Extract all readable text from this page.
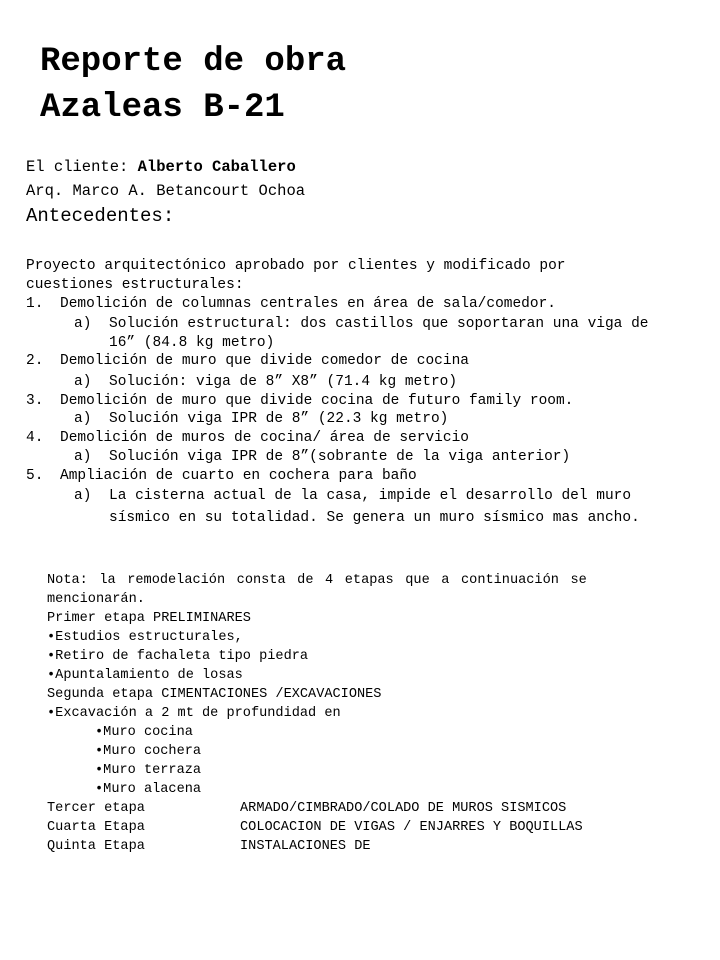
Reporte de obra
Azaleas B-21
El cliente: Alberto Caballero
Arq. Marco A. Betancourt Ochoa
Antecedentes:
Proyecto arquitectónico aprobado por clientes y modificado por
cuestiones estructurales:
1. Demolición de columnas centrales en área de sala/comedor.
a) Solución estructural: dos castillos que soportaran una viga de
16” (84.8 kg metro)
2. Demolición de muro que divide comedor de cocina
a) Solución: viga de 8” X8” (71.4 kg metro)
3. Demolición de muro que divide cocina de futuro family room.
a) Solución viga IPR de 8” (22.3 kg metro)
4. Demolición de muros de cocina/ área de servicio
a) Solución viga IPR de 8”(sobrante de la viga anterior)
5. Ampliación de cuarto en cochera para baño
a) La cisterna actual de la casa, impide el desarrollo del muro
sísmico en su totalidad. Se genera un muro sísmico mas ancho.
Nota: la remodelación consta de 4 etapas que a continuación se
mencionarán.
Primer etapa PRELIMINARES
•Estudios estructurales,
•Retiro de fachaleta tipo piedra
•Apuntalamiento de losas
Segunda etapa CIMENTACIONES /EXCAVACIONES
•Excavación a 2 mt de profundidad en
•Muro cocina
•Muro cochera
•Muro terraza
•Muro alacena
Tercer etapa	ARMADO/CIMBRADO/COLADO DE MUROS SISMICOS
Cuarta Etapa	COLOCACION DE VIGAS / ENJARRES Y BOQUILLAS
Quinta Etapa	INSTALACIONES DE
